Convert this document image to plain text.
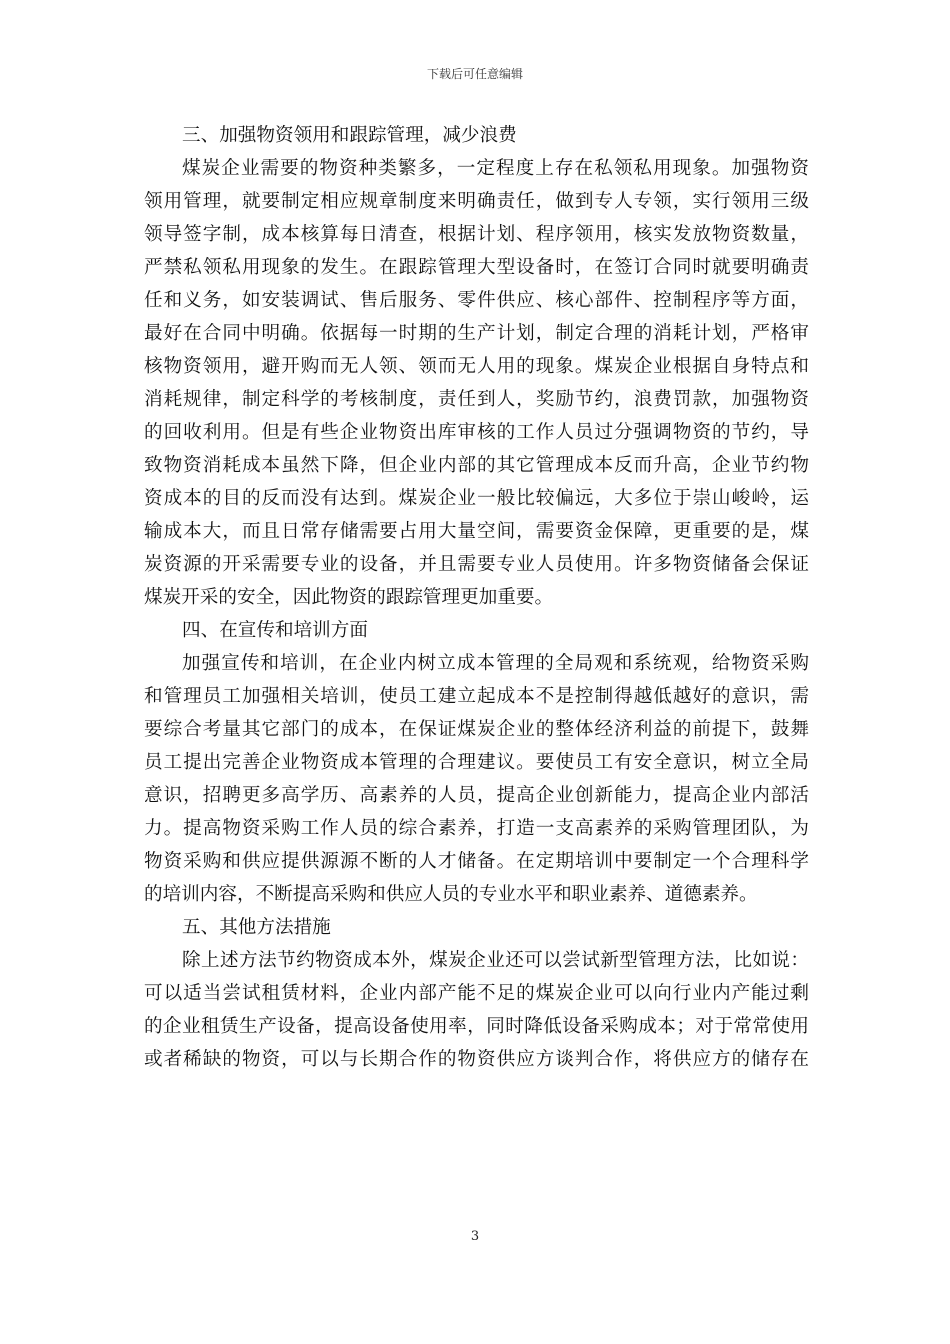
下载后可任意编辑
三、加强物资领用和跟踪管理，减少浪费
煤炭企业需要的物资种类繁多，一定程度上存在私领私用现象。加强物资
领用管理，就要制定相应规章制度来明确责任，做到专人专领，实行领用三级
领导签字制，成本核算每日清查，根据计划、程序领用，核实发放物资数量，
严禁私领私用现象的发生。在跟踪管理大型设备时，在签订合同时就要明确责
任和义务，如安装调试、售后服务、零件供应、核心部件、控制程序等方面，
最好在合同中明确。依据每一时期的生产计划，制定合理的消耗计划，严格审
核物资领用，避开购而无人领、领而无人用的现象。煤炭企业根据自身特点和
消耗规律，制定科学的考核制度，责任到人，奖励节约，浪费罚款，加强物资
的回收利用。但是有些企业物资出库审核的工作人员过分强调物资的节约，导
致物资消耗成本虽然下降，但企业内部的其它管理成本反而升高，企业节约物
资成本的目的反而没有达到。煤炭企业一般比较偏远，大多位于崇山峻岭，运
输成本大，而且日常存储需要占用大量空间，需要资金保障，更重要的是，煤
炭资源的开采需要专业的设备，并且需要专业人员使用。许多物资储备会保证
煤炭开采的安全，因此物资的跟踪管理更加重要。
四、在宣传和培训方面
加强宣传和培训，在企业内树立成本管理的全局观和系统观，给物资采购
和管理员工加强相关培训，使员工建立起成本不是控制得越低越好的意识，需
要综合考量其它部门的成本，在保证煤炭企业的整体经济利益的前提下，鼓舞
员工提出完善企业物资成本管理的合理建议。要使员工有安全意识，树立全局
意识，招聘更多高学历、高素养的人员，提高企业创新能力，提高企业内部活
力。提高物资采购工作人员的综合素养，打造一支高素养的采购管理团队，为
物资采购和供应提供源源不断的人才储备。在定期培训中要制定一个合理科学
的培训内容，不断提高采购和供应人员的专业水平和职业素养、道德素养。
五、其他方法措施
除上述方法节约物资成本外，煤炭企业还可以尝试新型管理方法，比如说：
可以适当尝试租赁材料，企业内部产能不足的煤炭企业可以向行业内产能过剩
的企业租赁生产设备，提高设备使用率，同时降低设备采购成本；对于常常使用
或者稀缺的物资，可以与长期合作的物资供应方谈判合作，将供应方的储存在
3
